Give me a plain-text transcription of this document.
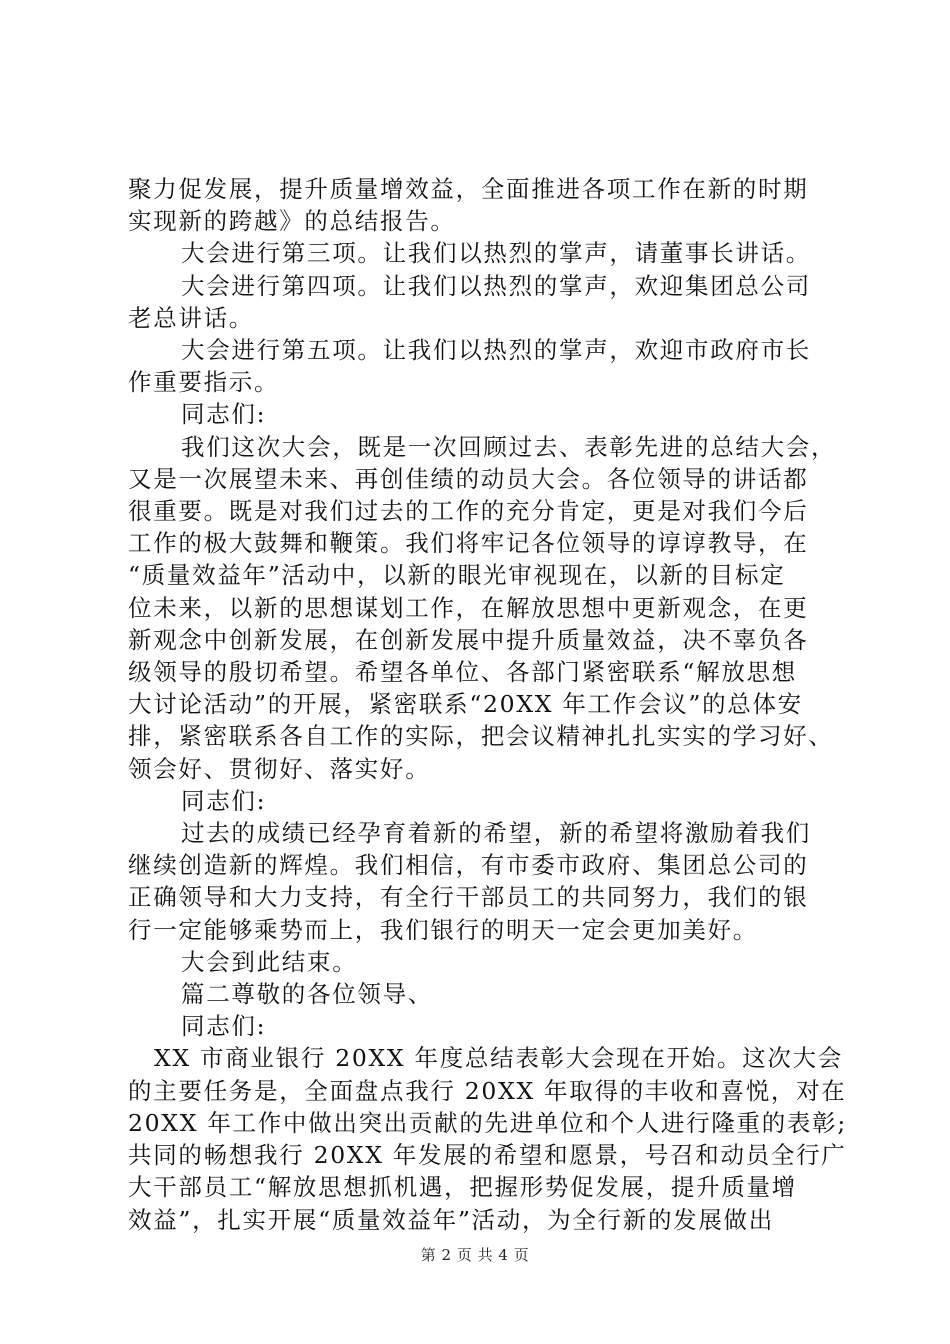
聚力促发展，提升质量增效益，全面推进各项工作在新的时期

实现新的跨越》的总结报告。

大会进行第三项。让我们以热烈的掌声，请董事长讲话。

大会进行第四项。让我们以热烈的掌声，欢迎集团总公司

老总讲话。

大会进行第五项。让我们以热烈的掌声，欢迎市政府市长

作重要指示。

同志们:

我们这次大会，既是一次回顾过去、表彰先进的总结大会，

又是一次展望未来、再创佳绩的动员大会。各位领导的讲话都

很重要。既是对我们过去的工作的充分肯定，更是对我们今后

工作的极大鼓舞和鞭策。我们将牢记各位领导的谆谆教导，在

“质量效益年”活动中，以新的眼光审视现在，以新的目标定

位未来，以新的思想谋划工作，在解放思想中更新观念，在更

新观念中创新发展，在创新发展中提升质量效益，决不辜负各

级领导的殷切希望。希望各单位、各部门紧密联系“解放思想

大讨论活动”的开展，紧密联系“20XX 年工作会议”的总体安

排，紧密联系各自工作的实际，把会议精神扎扎实实的学习好、

领会好、贯彻好、落实好。

同志们:

过去的成绩已经孕育着新的希望，新的希望将激励着我们

继续创造新的辉煌。我们相信，有市委市政府、集团总公司的

正确领导和大力支持，有全行干部员工的共同努力，我们的银

行一定能够乘势而上，我们银行的明天一定会更加美好。

大会到此结束。

篇二尊敬的各位领导、

同志们:

XX 市商业银行 20XX 年度总结表彰大会现在开始。这次大会

的主要任务是，全面盘点我行 20XX 年取得的丰收和喜悦，对在

20XX 年工作中做出突出贡献的先进单位和个人进行隆重的表彰;

共同的畅想我行 20XX 年发展的希望和愿景，号召和动员全行广

大干部员工“解放思想抓机遇，把握形势促发展，提升质量增

效益”，扎实开展“质量效益年”活动，为全行新的发展做出

第 2 页 共 4 页
